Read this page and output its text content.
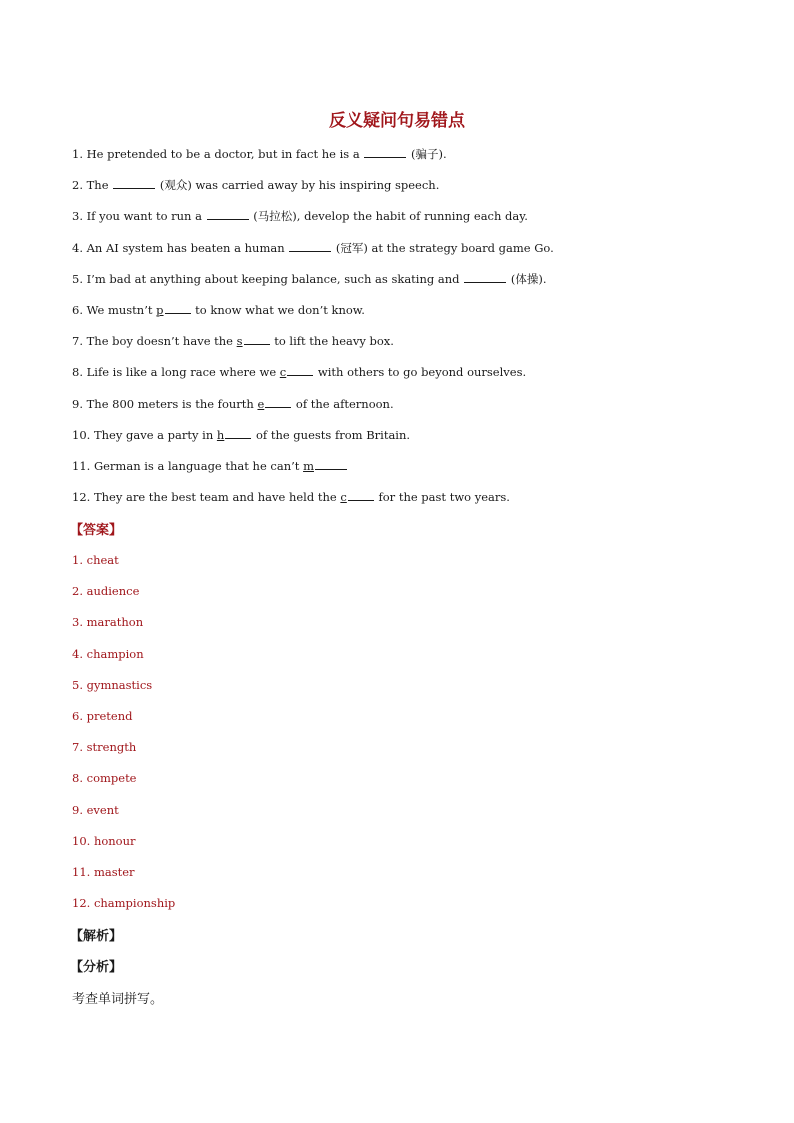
反义疑问句易错点
1. He pretended to be a doctor, but in fact he is a	(骗子).
2. The	(观众) was carried away by his inspiring speech.
3. If you want to run a	(马拉松), develop the habit of running each day.
4. An AI system has beaten a human	(冠军) at the strategy board game Go.
5. I’m bad at anything about keeping balance, such as skating and	(体操).
6. We mustn’t p to know what we don’t know.
7. The boy doesn’t have the s to lift the heavy box.
8. Life is like a long race where we c with others to go beyond ourselves.
9. The 800 meters is the fourth e of the afternoon.
10. They gave a party in h of the guests from Britain.
11. German is a language that he can’t m
12. They are the best team and have held the c for the past two years.
【答案】
1. cheat
2. audience
3. marathon
4. champion
5. gymnastics
6. pretend
7. strength
8. compete
9. event
10. honour
11. master
12. championship
【解析】
【分析】
考查单词拼写。
